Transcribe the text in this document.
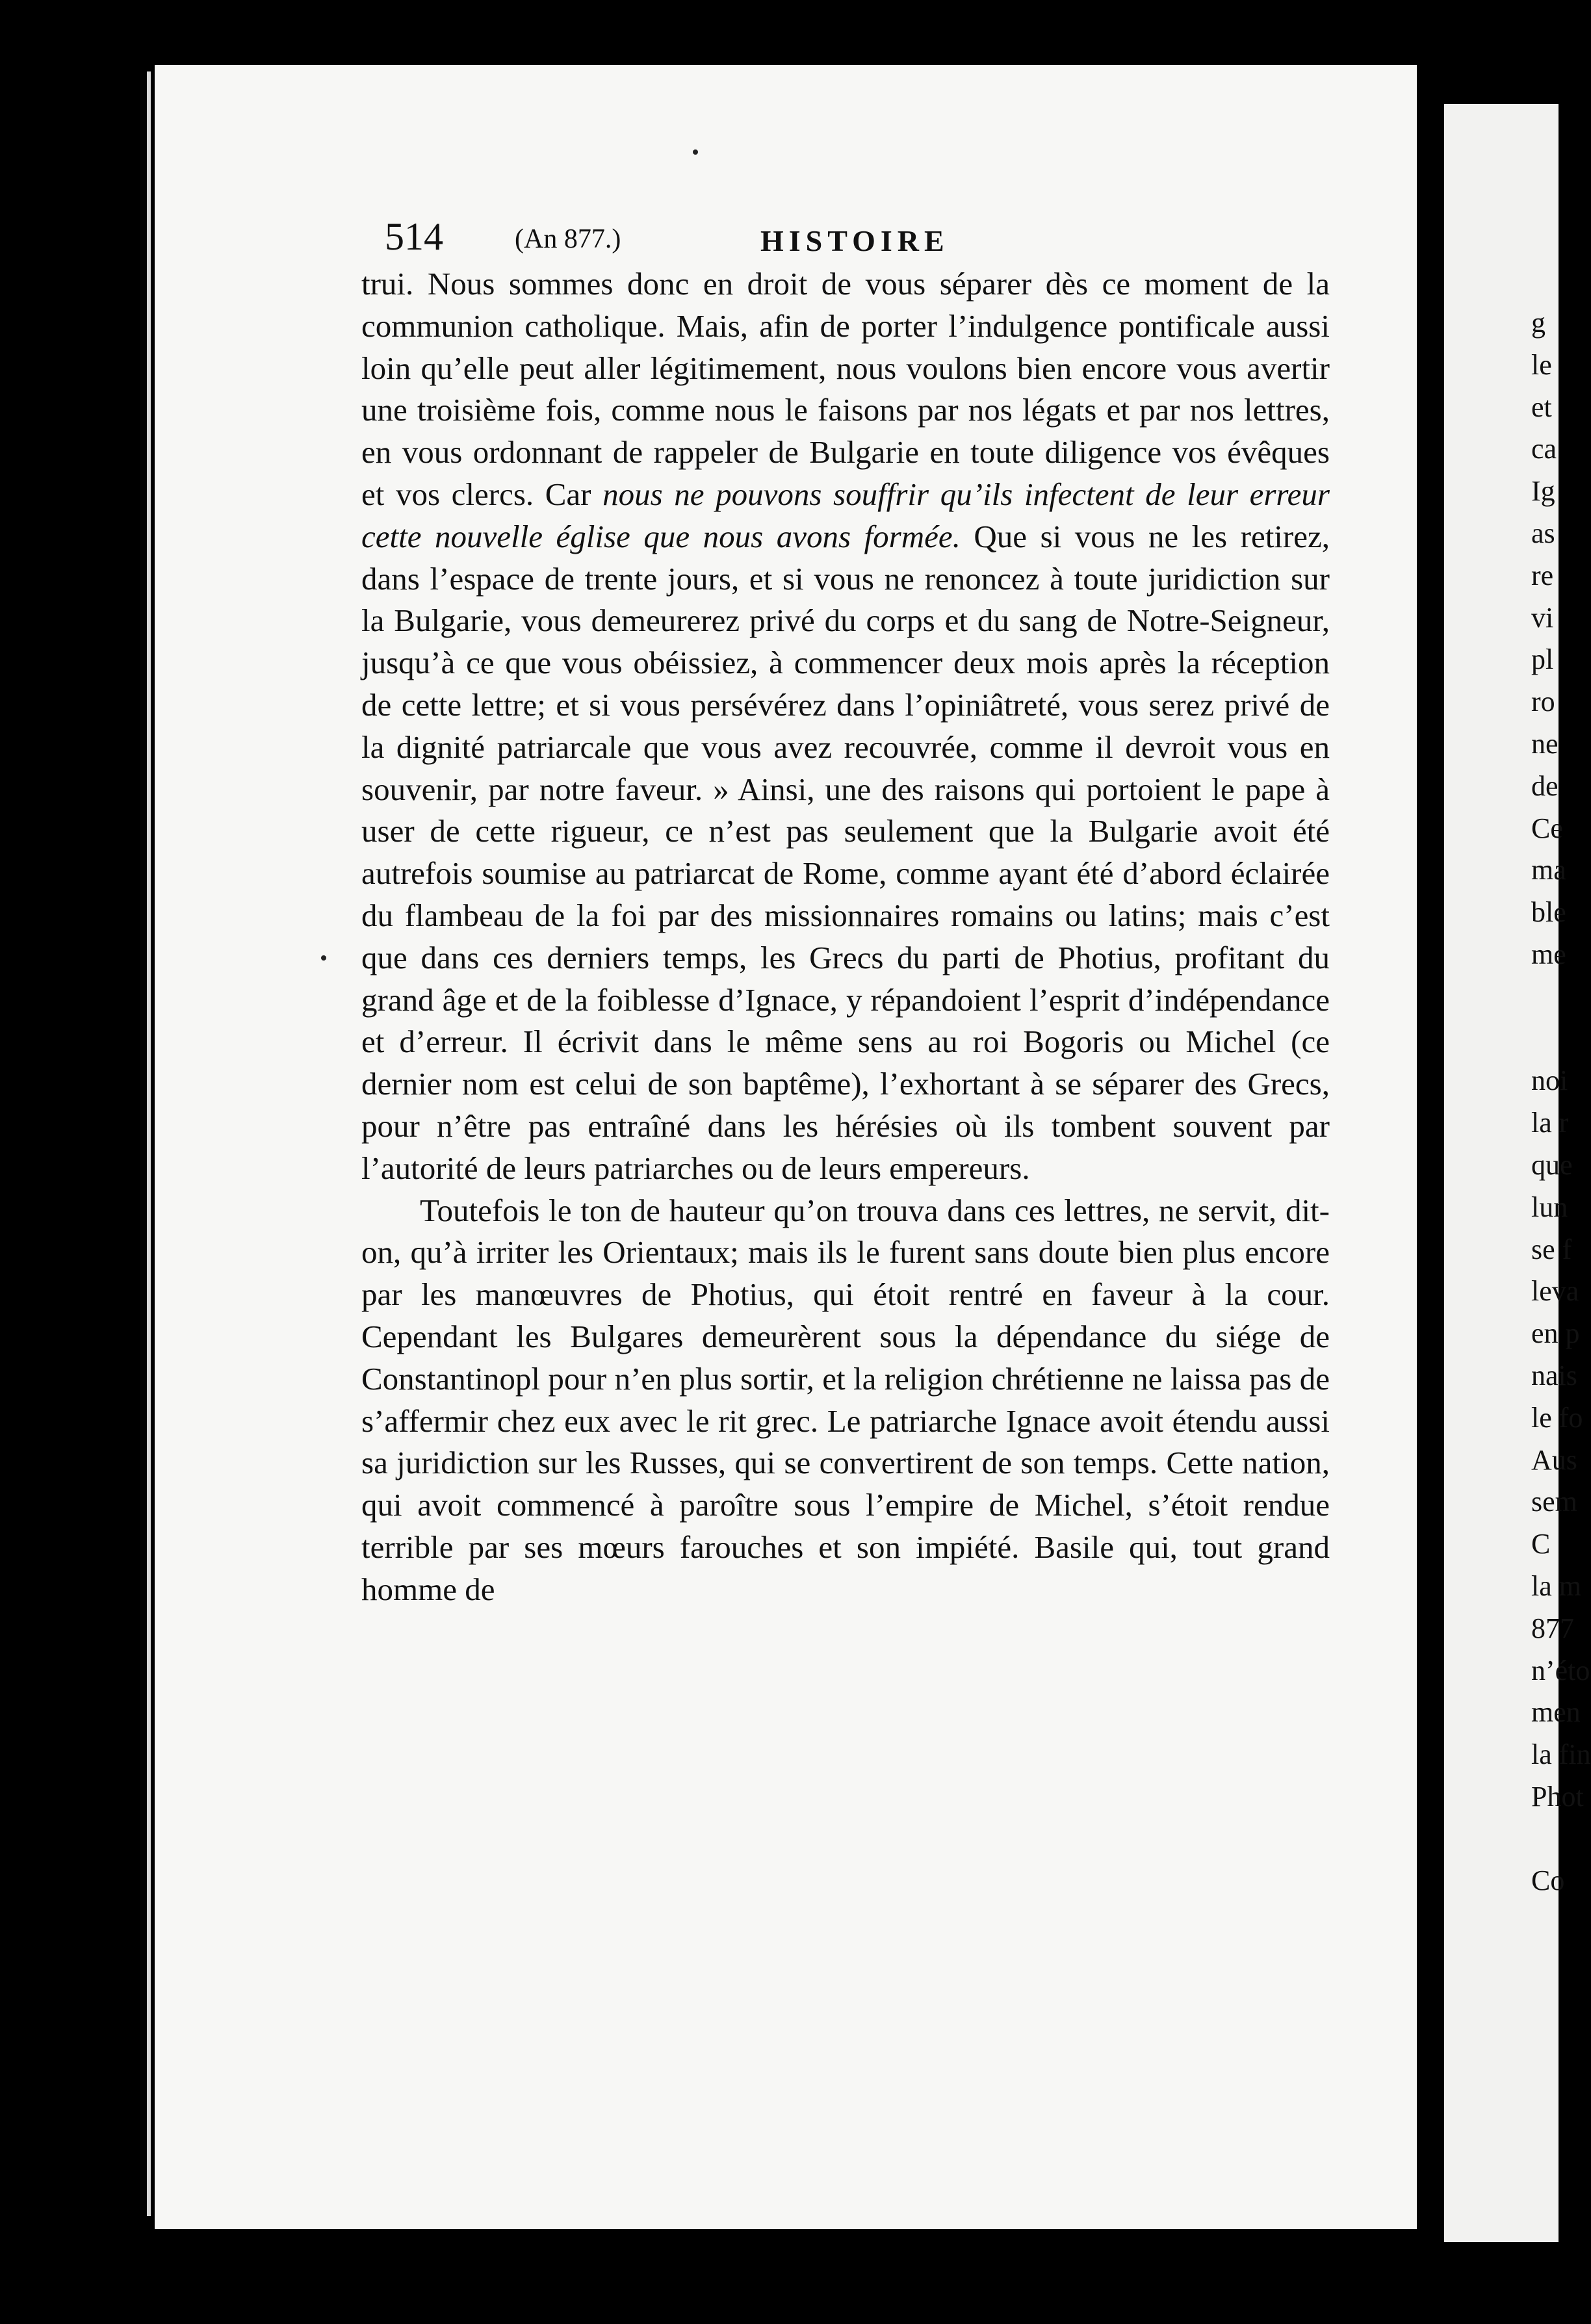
514	(An 877.)	HISTOIRE

trui. Nous sommes donc en droit de vous séparer dès ce moment de la communion catholique. Mais, afin de porter l’indulgence pontificale aussi loin qu’elle peut aller légitimement, nous voulons bien encore vous avertir une troisième fois, comme nous le faisons par nos légats et par nos lettres, en vous ordonnant de rappeler de Bulgarie en toute diligence vos évêques et vos clercs. Car nous ne pouvons souffrir qu’ils infectent de leur erreur cette nouvelle église que nous avons formée. Que si vous ne les retirez, dans l’espace de trente jours, et si vous ne renoncez à toute juridiction sur la Bulgarie, vous demeurerez privé du corps et du sang de Notre-Seigneur, jusqu’à ce que vous obéissiez, à commencer deux mois après la réception de cette lettre; et si vous persévérez dans l’opiniâtreté, vous serez privé de la dignité patriarcale que vous avez recouvrée, comme il devroit vous en souvenir, par notre faveur. » Ainsi, une des raisons qui portoient le pape à user de cette rigueur, ce n’est pas seulement que la Bulgarie avoit été autrefois soumise au patriarcat de Rome, comme ayant été d’abord éclairée du flambeau de la foi par des missionnaires romains ou latins; mais c’est que dans ces derniers temps, les Grecs du parti de Photius, profitant du grand âge et de la foiblesse d’Ignace, y répandoient l’esprit d’indépendance et d’erreur. Il écrivit dans le même sens au roi Bogoris ou Michel (ce dernier nom est celui de son baptême), l’exhortant à se séparer des Grecs, pour n’être pas entraîné dans les hérésies où ils tombent souvent par l’autorité de leurs patriarches ou de leurs empereurs.

Toutefois le ton de hauteur qu’on trouva dans ces lettres, ne servit, dit-on, qu’à irriter les Orientaux; mais ils le furent sans doute bien plus encore par les manœuvres de Photius, qui étoit rentré en faveur à la cour. Cependant les Bulgares demeurèrent sous la dépendance du siége de Constantinopl pour n’en plus sortir, et la religion chrétienne ne laissa pas de s’affermir chez eux avec le rit grec. Le patriarche Ignace avoit étendu aussi sa juridiction sur les Russes, qui se convertirent de son temps. Cette nation, qui avoit commencé à paroître sous l’empire de Michel, s’étoit rendue terrible par ses mœurs farouches et son impiété. Basile qui, tout grand homme de

g
le
et
ca
Ig
as
re
vi
pl
ro
ne
de
Ce
ma
ble
me

noi
la r
que
lun
se f
leva
en p
nais
le fo
Aus
sem
C
la m
877
n’éto
men
la fin
Phot

Co
